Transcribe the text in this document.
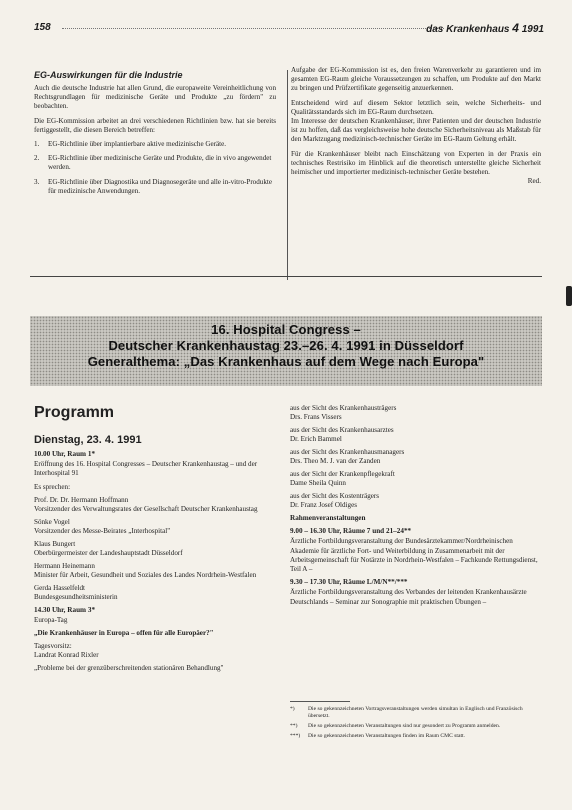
158	das Krankenhaus 4 1991
EG-Auswirkungen für die Industrie

Auch die deutsche Industrie hat allen Grund, die europaweite Vereinheitlichung von Rechtsgrundlagen für medizinische Geräte und Produkte „zu fördern" zu beobachten.

Die EG-Kommission arbeitet an drei verschiedenen Richtlinien bzw. hat sie bereits fertiggestellt, die diesen Bereich betreffen:

1.	EG-Richtlinie über implantierbare aktive medizinische Geräte.
2.	EG-Richtlinie über medizinische Geräte und Produkte, die in vivo angewendet werden.
3.	EG-Richtlinie über Diagnostika und Diagnosegeräte und alle in-vitro-Produkte für medizinische Anwendungen.

Aufgabe der EG-Kommission ist es, den freien Warenverkehr zu garantieren und im gesamten EG-Raum gleiche Voraussetzungen zu schaffen, um Produkte auf den Markt zu bringen und Prüfzertifikate gegenseitig anzuerkennen.

Entscheidend wird auf diesem Sektor letztlich sein, welche Sicherheits- und Qualitätsstandards sich im EG-Raum durchsetzen.

Im Interesse der deutschen Krankenhäuser, ihrer Patienten und der deutschen Industrie ist zu hoffen, daß das vergleichsweise hohe deutsche Sicherheitsniveau als Maßstab für den Marktzugang medizinisch-technischer Geräte im EG-Raum Geltung erhält.

Für die Krankenhäuser bleibt nach Einschätzung von Experten in der Praxis ein technisches Restrisiko im Hinblick auf die theoretisch unterstellte gleiche Sicherheit heimischer und importierter medizinisch-technischer Geräte bestehen.

Red.
16. Hospital Congress –
Deutscher Krankenhaustag 23.–26. 4. 1991 in Düsseldorf
Generalthema: „Das Krankenhaus auf dem Wege nach Europa"
Programm
Dienstag, 23. 4. 1991
10.00 Uhr, Raum 1*
Eröffnung des 16. Hospital Congresses – Deutscher Krankenhaustag – und der Interhospital 91
Es sprechen:
Prof. Dr. Dr. Hermann Hoffmann
Vorsitzender des Verwaltungsrates der Gesellschaft Deutscher Krankenhaustag
Sönke Vogel
Vorsitzender des Messe-Beirates „Interhospital"
Klaus Bungert
Oberbürgermeister der Landeshauptstadt Düsseldorf
Hermann Heinemann
Minister für Arbeit, Gesundheit und Soziales des Landes Nordrhein-Westfalen
Gerda Hasselfeldt
Bundesgesundheitsministerin
14.30 Uhr, Raum 3*
Europa-Tag
„Die Krankenhäuser in Europa – offen für alle Europäer?"
Tagesvorsitz:
Landrat Konrad Rixler
„Probleme bei der grenzüberschreitenden stationären Behandlung"
aus der Sicht des Krankenhausträgers
Drs. Frans Vissers
aus der Sicht des Krankenhausarztes
Dr. Erich Bammel
aus der Sicht des Krankenhausmanagers
Drs. Theo M. J. van der Zanden
aus der Sicht der Krankenpflegekraft
Dame Sheila Quinn
aus der Sicht des Kostenträgers
Dr. Franz Josef Oldiges
Rahmenveranstaltungen
9.00 – 16.30 Uhr, Räume 7 und 21–24**
Ärztliche Fortbildungsveranstaltung der Bundesärztekammer/Nordrheinischen Akademie für ärztliche Fort- und Weiterbildung in Zusammenarbeit mit der Arbeitsgemeinschaft für Notärzte in Nordrhein-Westfalen – Fachkunde Rettungsdienst, Teil A –
9.30 – 17.30 Uhr, Räume L/M/N**/***
Ärztliche Fortbildungsveranstaltung des Verbandes der leitenden Krankenhausärzte Deutschlands – Seminar zur Sonographie mit praktischen Übungen –
*)	Die so gekennzeichneten Vortragsveranstaltungen werden simultan in Englisch und Französisch übersetzt.
**)	Die so gekennzeichneten Veranstaltungen sind nur gesondert zu Programm anmelden.
***)	Die so gekennzeichneten Veranstaltungen finden im Raum CMC statt.
